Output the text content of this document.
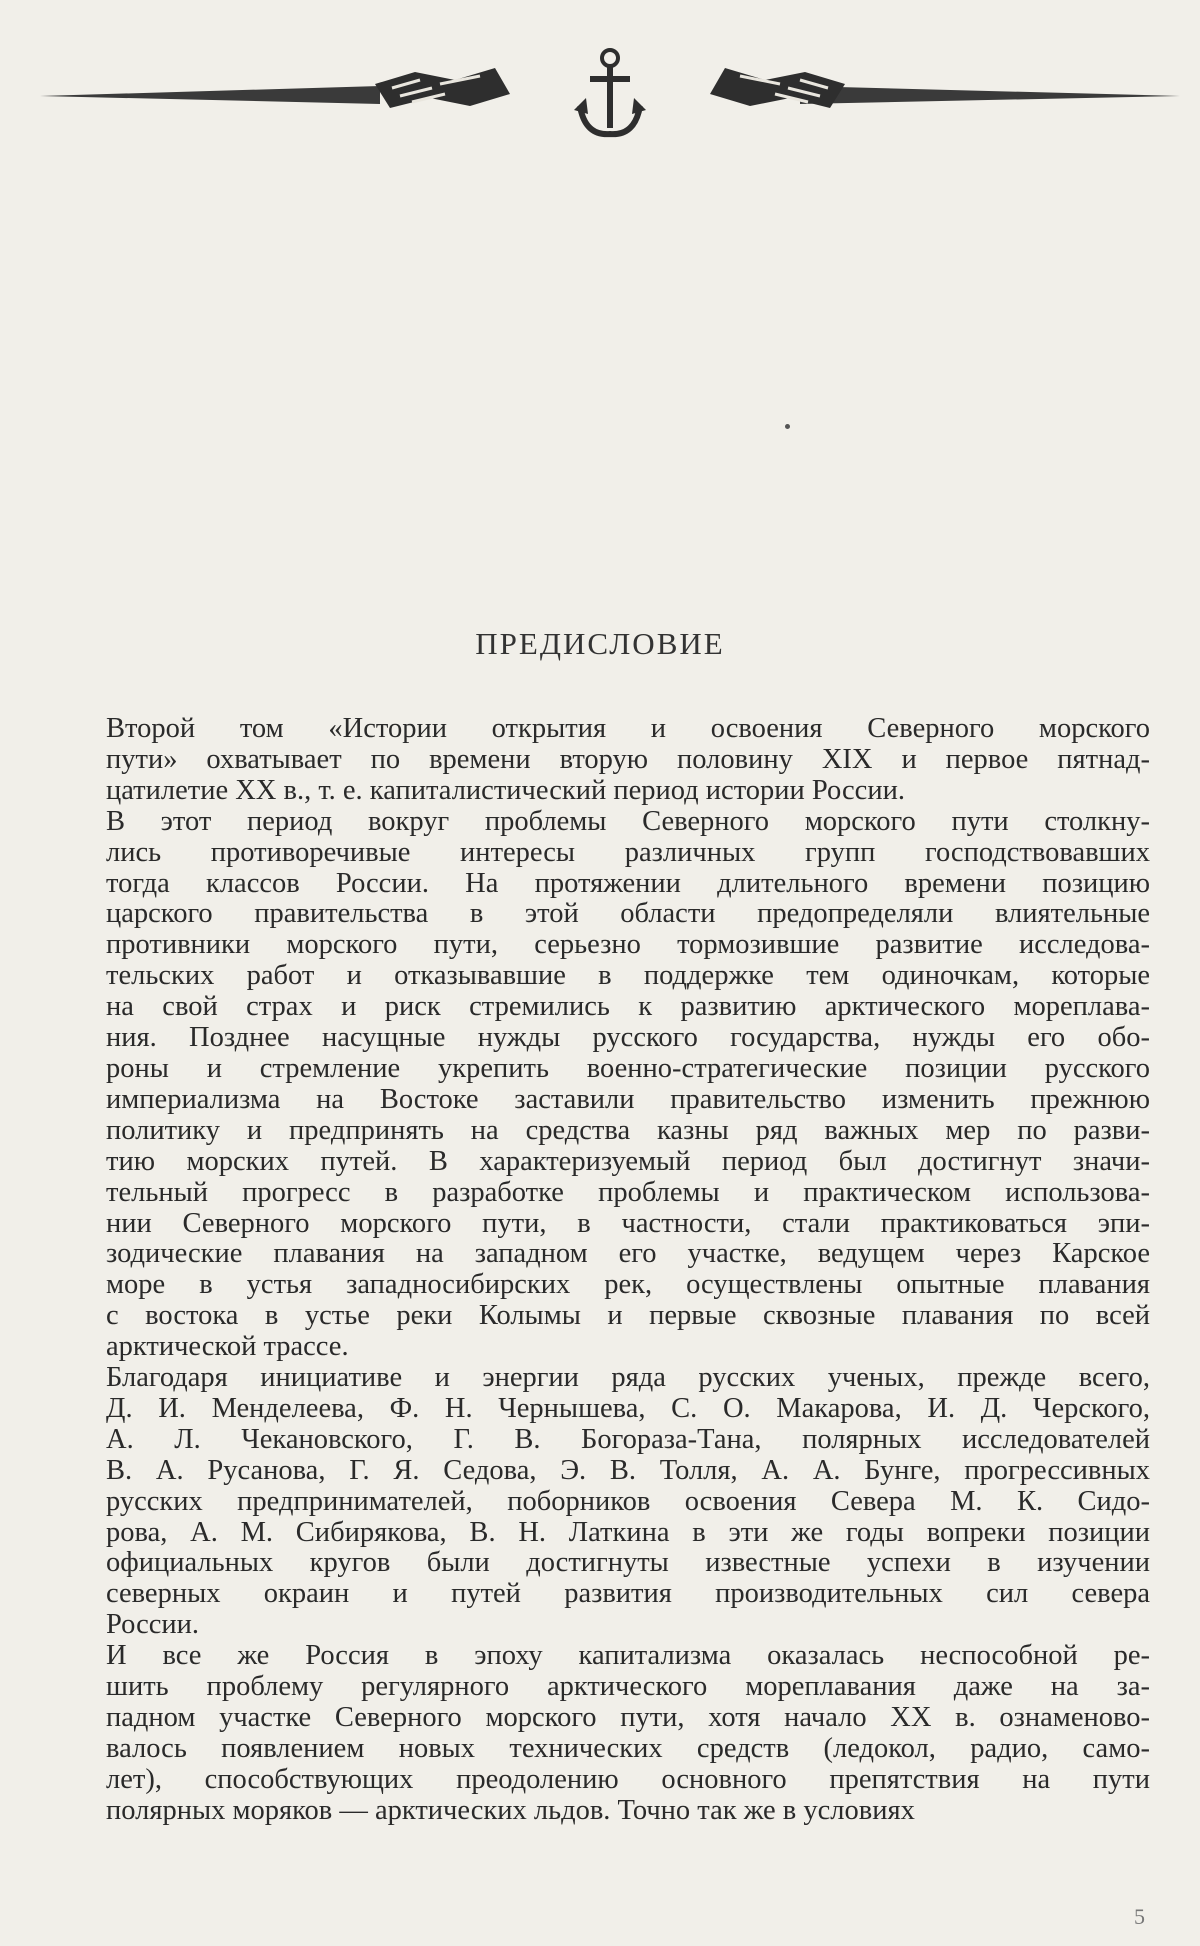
ПРЕДИСЛОВИЕ
Второй том «Истории открытия и освоения Северного морского
пути» охватывает по времени вторую половину XIX и первое пятнад-
цатилетие XX в., т. е. капиталистический период истории России.
В этот период вокруг проблемы Северного морского пути столкну-
лись противоречивые интересы различных групп господствовавших
тогда классов России. На протяжении длительного времени позицию
царского правительства в этой области предопределяли влиятельные
противники морского пути, серьезно тормозившие развитие исследова-
тельских работ и отказывавшие в поддержке тем одиночкам, которые
на свой страх и риск стремились к развитию арктического мореплава-
ния. Позднее насущные нужды русского государства, нужды его обо-
роны и стремление укрепить военно-стратегические позиции русского
империализма на Востоке заставили правительство изменить прежнюю
политику и предпринять на средства казны ряд важных мер по разви-
тию морских путей. В характеризуемый период был достигнут значи-
тельный прогресс в разработке проблемы и практическом использова-
нии Северного морского пути, в частности, стали практиковаться эпи-
зодические плавания на западном его участке, ведущем через Карское
море в устья западносибирских рек, осуществлены опытные плавания
с востока в устье реки Колымы и первые сквозные плавания по всей
арктической трассе.
Благодаря инициативе и энергии ряда русских ученых, прежде всего,
Д. И. Менделеева, Ф. Н. Чернышева, С. О. Макарова, И. Д. Черского,
А. Л. Чекановского, Г. В. Богораза-Тана, полярных исследователей
В. А. Русанова, Г. Я. Седова, Э. В. Толля, А. А. Бунге, прогрессивных
русских предпринимателей, поборников освоения Севера М. К. Сидо-
рова, А. М. Сибирякова, В. Н. Латкина в эти же годы вопреки позиции
официальных кругов были достигнуты известные успехи в изучении
северных окраин и путей развития производительных сил севера
России.
И все же Россия в эпоху капитализма оказалась неспособной ре-
шить проблему регулярного арктического мореплавания даже на за-
падном участке Северного морского пути, хотя начало XX в. ознаменово-
валось появлением новых технических средств (ледокол, радио, само-
лет), способствующих преодолению основного препятствия на пути
полярных моряков — арктических льдов. Точно так же в условиях
5
